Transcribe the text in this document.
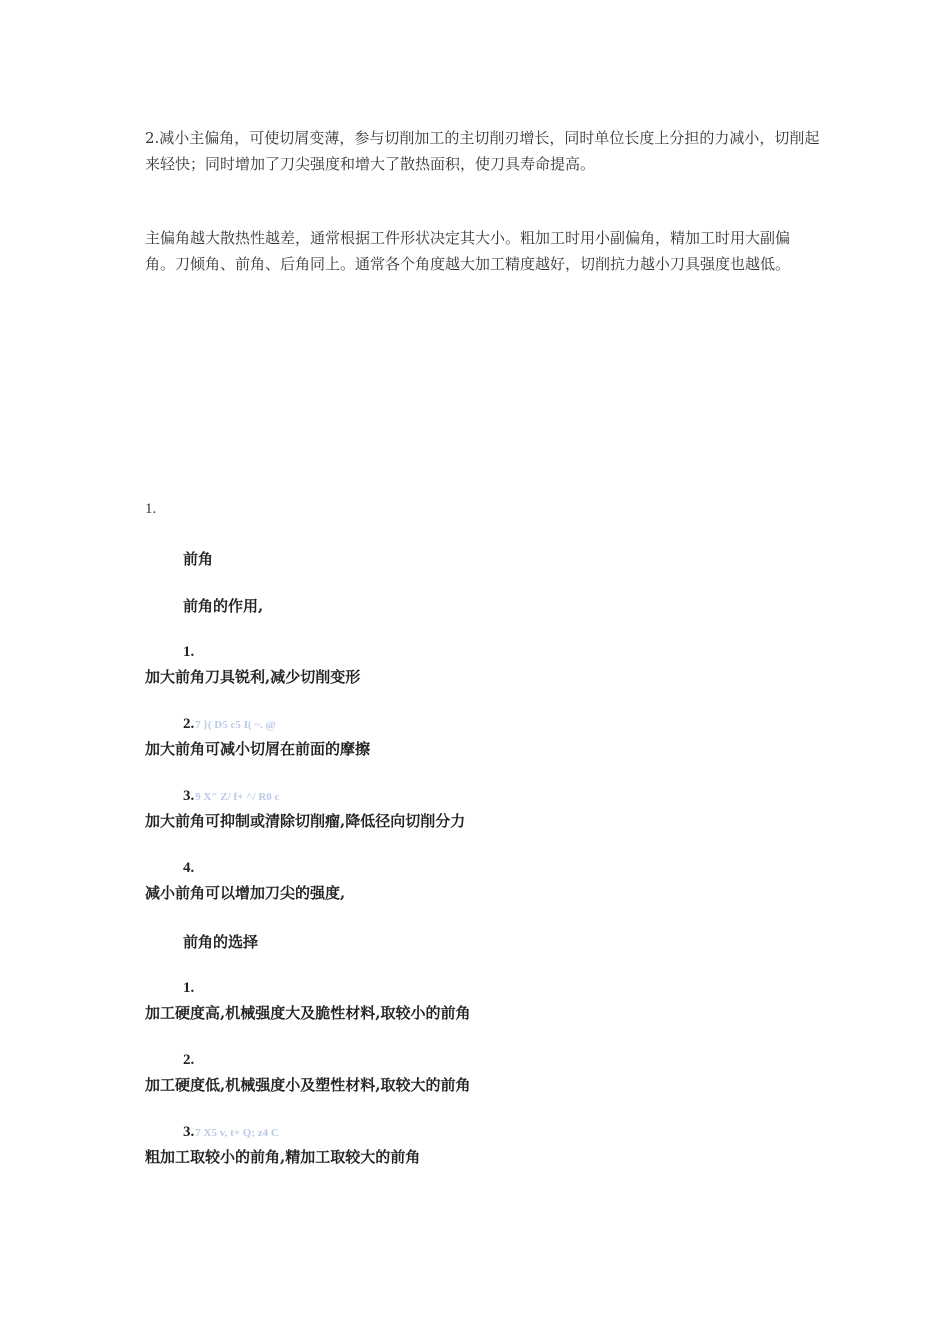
2.减小主偏角，可使切屑变薄，参与切削加工的主切削刃增长，同时单位长度上分担的力减小，切削起来轻快；同时增加了刀尖强度和增大了散热面积，使刀具寿命提高。
主偏角越大散热性越差，通常根据工件形状决定其大小。粗加工时用小副偏角，精加工时用大副偏角。刀倾角、前角、后角同上。通常各个角度越大加工精度越好，切削抗力越小刀具强度也越低。
1.
前角
前角的作用,
1.
加大前角刀具锐利,减少切削变形
2.7 }( D5 c5 I( ~. @
加大前角可减小切屑在前面的摩擦
3.9 X" Z/ f+ ^/ R0 c
加大前角可抑制或清除切削瘤,降低径向切削分力
4.
减小前角可以增加刀尖的强度,
前角的选择
1.
加工硬度高,机械强度大及脆性材料,取较小的前角
2.
加工硬度低,机械强度小及塑性材料,取较大的前角
3.7 X5 v, t+ Q; z4 C
粗加工取较小的前角,精加工取较大的前角
